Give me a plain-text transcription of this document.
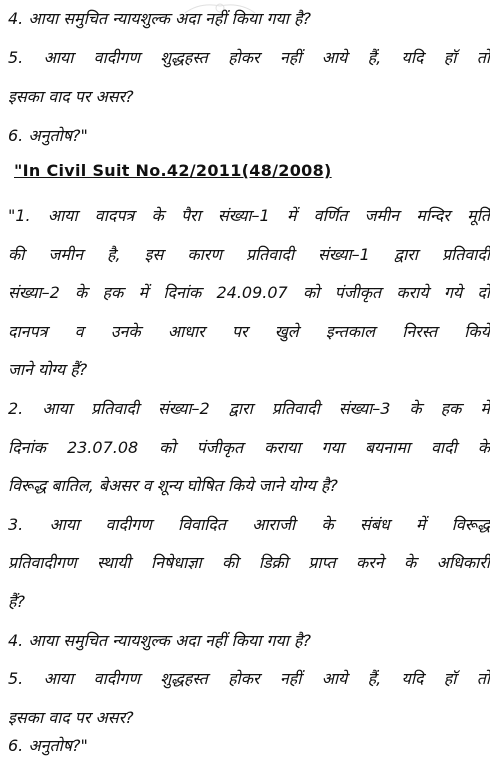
4. आया समुचित न्यायशुल्क अदा नहीं किया गया है?
5. आया वादीगण शुद्धहस्त होकर नहीं आये हैं, यदि हॉ तो
इसका वाद पर असर?
6. अनुतोष?"
"In Civil Suit No.42/2011(48/2008)
"1. आया वादपत्र के पैरा संख्या–1 में वर्णित जमीन मन्दिर मूर्ति
की जमीन है, इस कारण प्रतिवादी संख्या–1 द्वारा प्रतिवादी
संख्या–2 के हक में दिनांक 24.09.07 को पंजीकृत कराये गये दो
दानपत्र व उनके आधार पर खुले इन्तकाल निरस्त किये
जाने योग्य हैं?
2. आया प्रतिवादी संख्या–2 द्वारा प्रतिवादी संख्या–3 के हक में
दिनांक 23.07.08 को पंजीकृत कराया गया बयनामा वादी के
विरूद्ध बातिल, बेअसर व शून्य घोषित किये जाने योग्य है?
3. आया वादीगण विवादित आराजी के संबंध में विरूद्ध
प्रतिवादीगण स्थायी निषेधाज्ञा की डिक्री प्राप्त करने के अधिकारी
हैं?
4. आया समुचित न्यायशुल्क अदा नहीं किया गया है?
5. आया वादीगण शुद्धहस्त होकर नहीं आये हैं, यदि हॉ तो
इसका वाद पर असर?
6. अनुतोष?"
